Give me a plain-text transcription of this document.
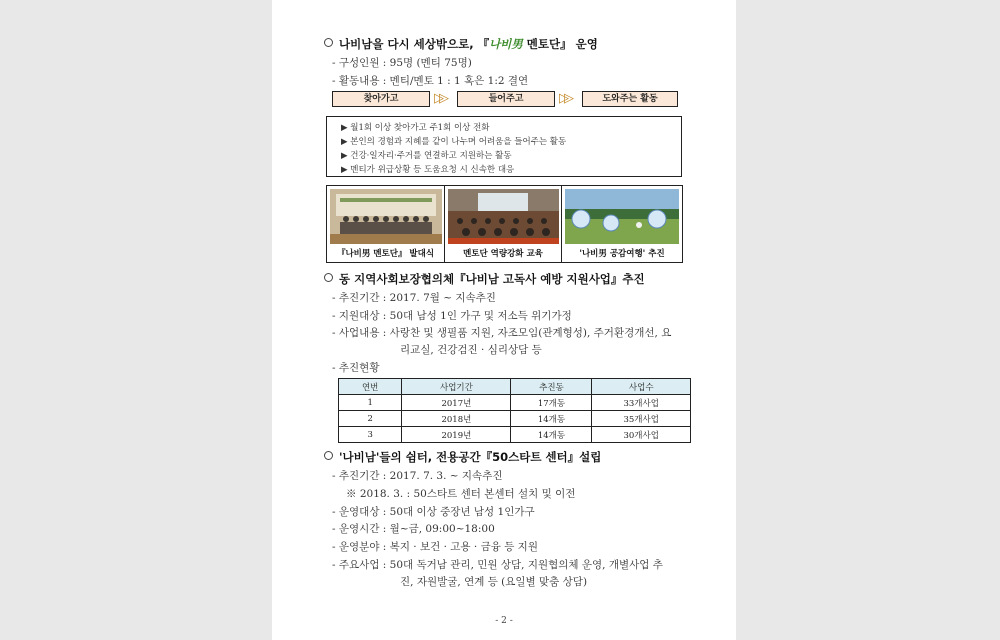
나비남을 다시 세상밖으로, 『나비男 멘토단』 운영
- 구성인원 : 95명 (멘티 75명)
- 활동내용 : 멘티/멘토 1 : 1 혹은 1:2 결연
찾아가고	▷▷	들어주고	▷▷	도와주는 활동
▶ 월1회 이상 찾아가고 주1회 이상 전화
▶ 본인의 경험과 지혜를 같이 나누며 어려움을 들어주는 활동
▶ 건강·일자리·주거를 연결하고 지원하는 활동
▶ 멘티가 위급상황 등 도움요청 시 신속한 대응
『나비男 멘토단』 발대식	멘토단 역량강화 교육	'나비男 공감여행' 추진
동 지역사회보장협의체『나비남 고독사 예방 지원사업』추진
- 추진기간 : 2017. 7월 ~ 지속추진
- 지원대상 : 50대 남성 1인 가구 및 저소득 위기가정
- 사업내용 : 사랑찬 및 생필품 지원, 자조모임(관계형성), 주거환경개선, 요
리교실, 건강검진 · 심리상담 등
- 추진현황
연번	사업기간	추진동	사업수
1	2017년	17개동	33개사업
2	2018년	14개동	35개사업
3	2019년	14개동	30개사업
'나비남'들의 쉼터, 전용공간『50스타트 센터』설립
- 추진기간 : 2017. 7. 3. ~ 지속추진
※ 2018. 3. : 50스타트 센터 본센터 설치 및 이전
- 운영대상 : 50대 이상 중장년 남성 1인가구
- 운영시간 : 월~금, 09:00~18:00
- 운영분야 : 복지 · 보건 · 고용 · 금융 등 지원
- 주요사업 : 50대 독거남 관리, 민원 상담, 지원협의체 운영, 개별사업 추
진, 자원발굴, 연계 등 (요일별 맞춤 상담)
- 2 -
